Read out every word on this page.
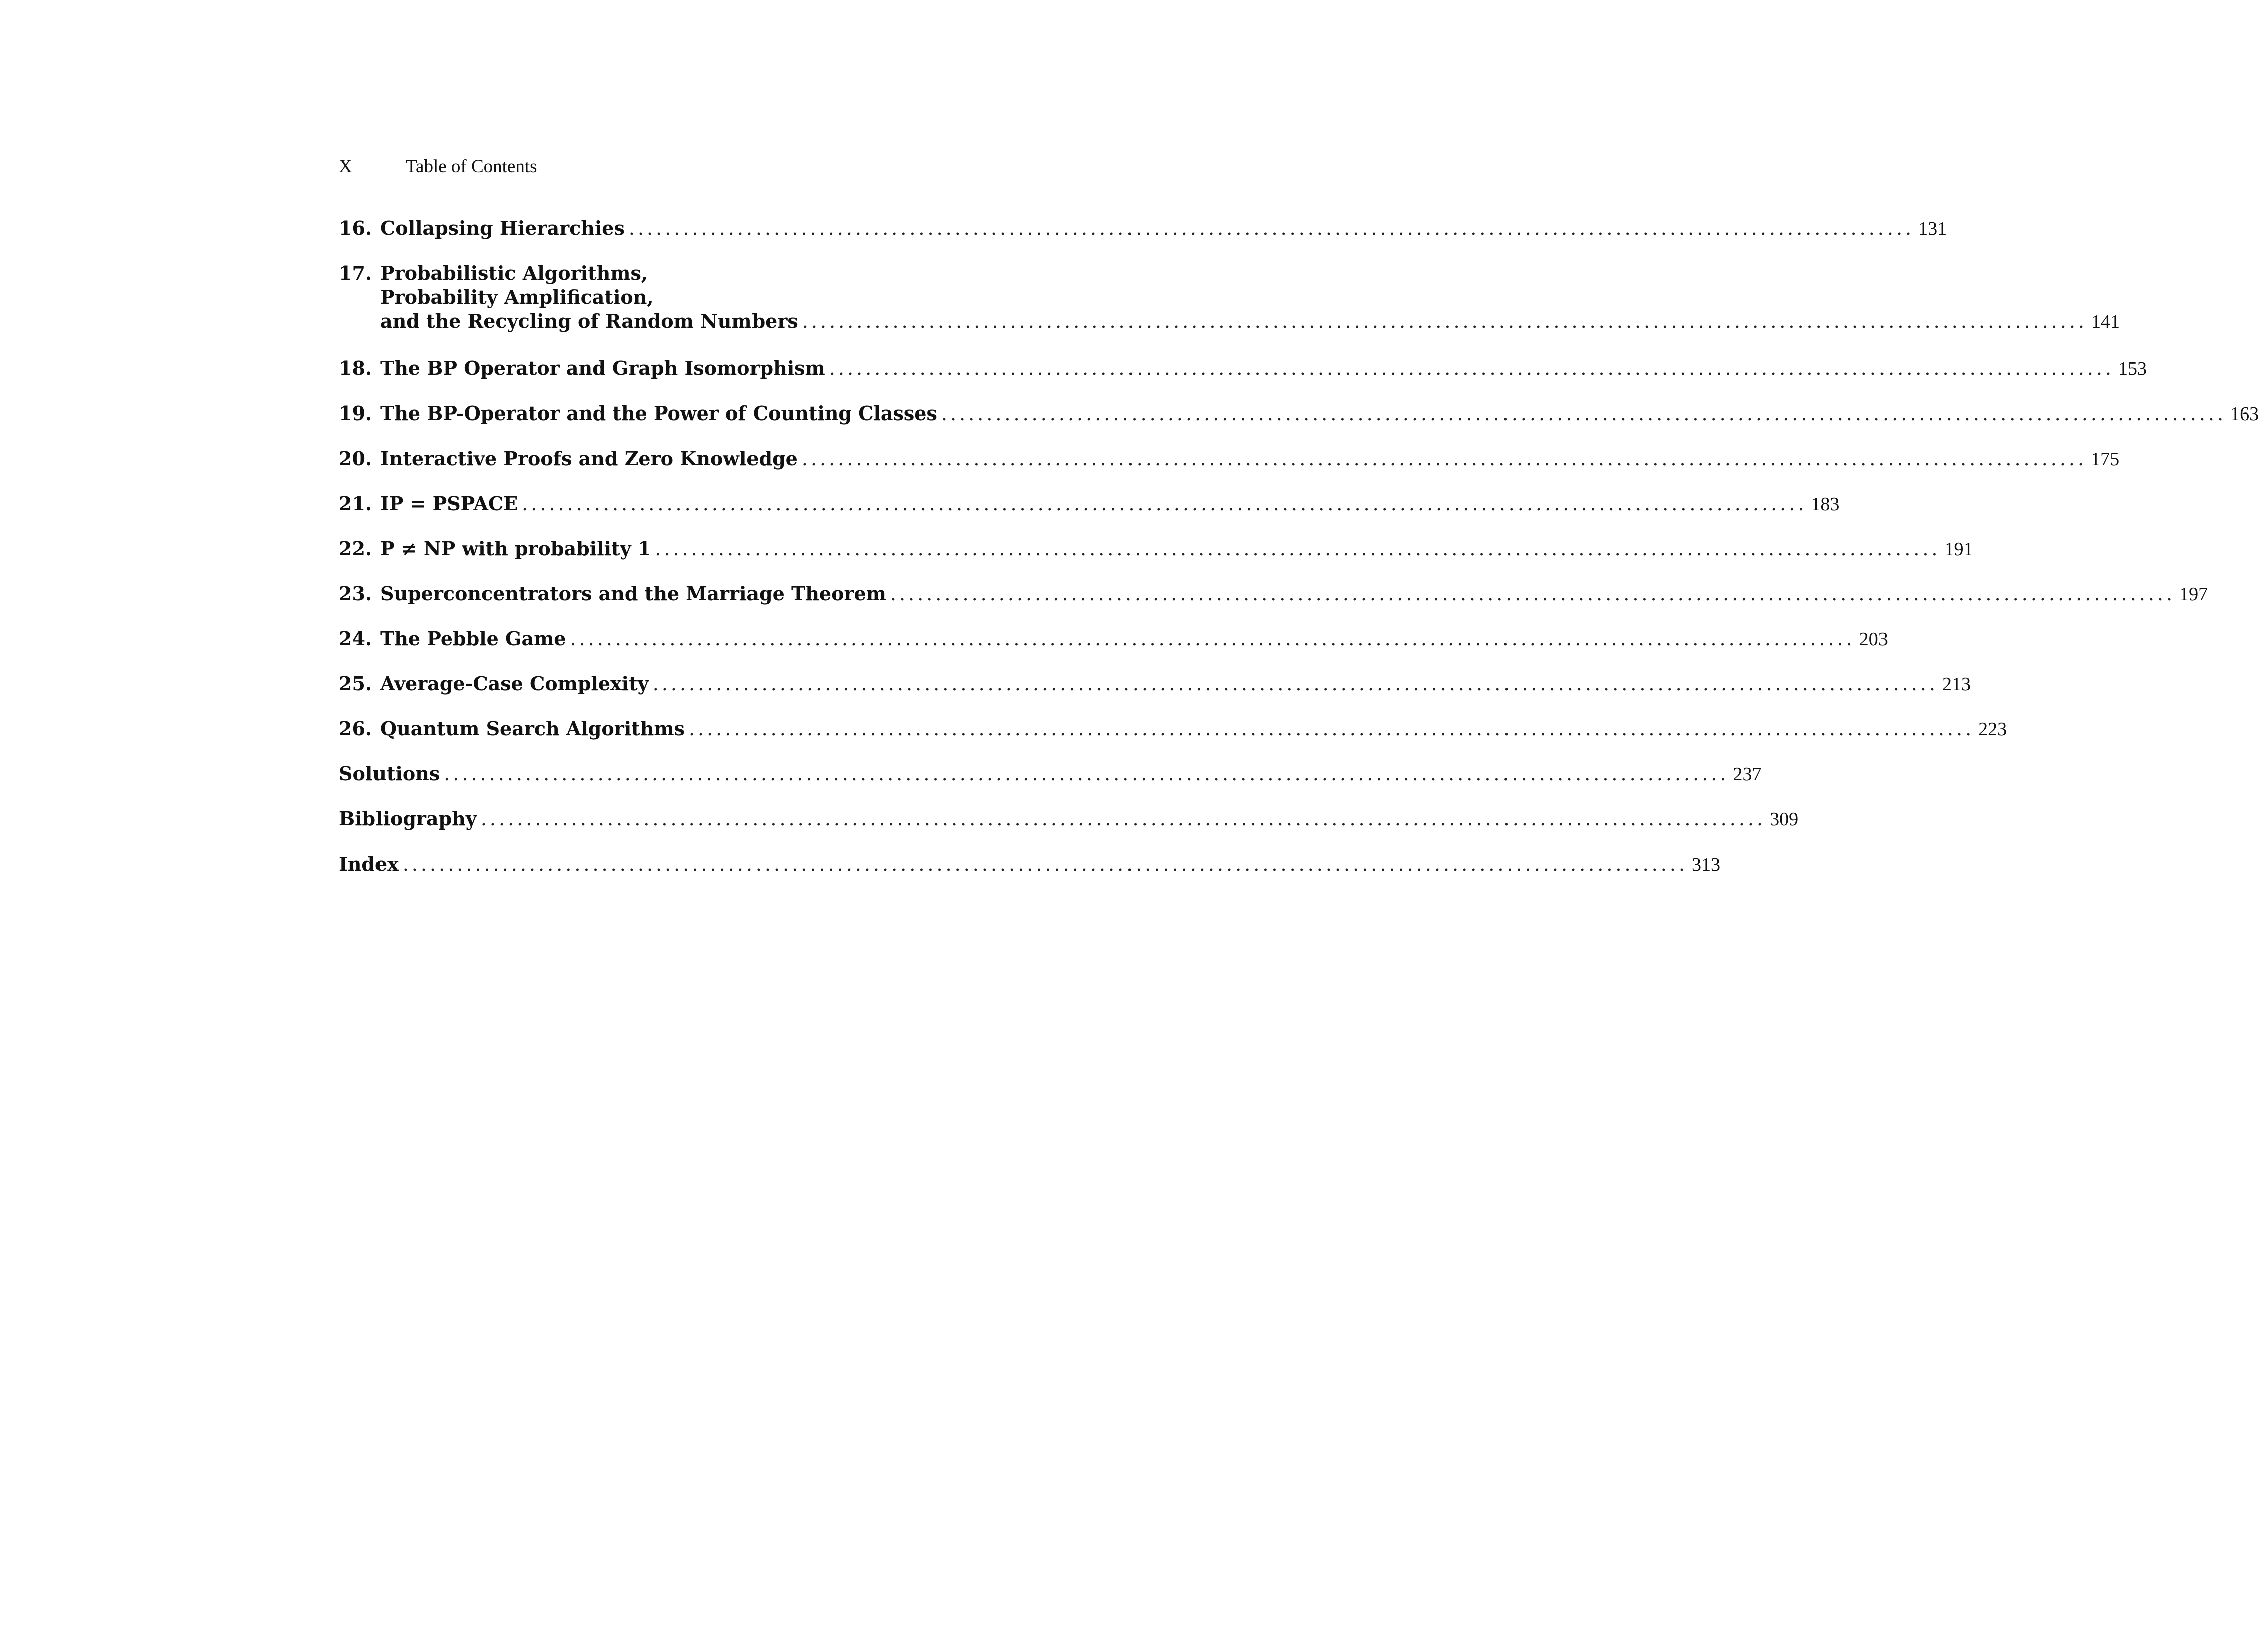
X	Table of Contents
16. Collapsing Hierarchies .............................................................................................................................................. 131
17. Probabilistic Algorithms,
Probability Amplification,
and the Recycling of Random Numbers .............................................................................................................................................. 141
18. The BP Operator and Graph Isomorphism .............................................................................................................................................. 153
19. The BP-Operator and the Power of Counting Classes .............................................................................................................................................. 163
20. Interactive Proofs and Zero Knowledge .............................................................................................................................................. 175
21. IP = PSPACE .............................................................................................................................................. 183
22. P ≠ NP with probability 1 .............................................................................................................................................. 191
23. Superconcentrators and the Marriage Theorem .............................................................................................................................................. 197
24. The Pebble Game .............................................................................................................................................. 203
25. Average-Case Complexity .............................................................................................................................................. 213
26. Quantum Search Algorithms .............................................................................................................................................. 223
Solutions .............................................................................................................................................. 237
Bibliography .............................................................................................................................................. 309
Index .............................................................................................................................................. 313
